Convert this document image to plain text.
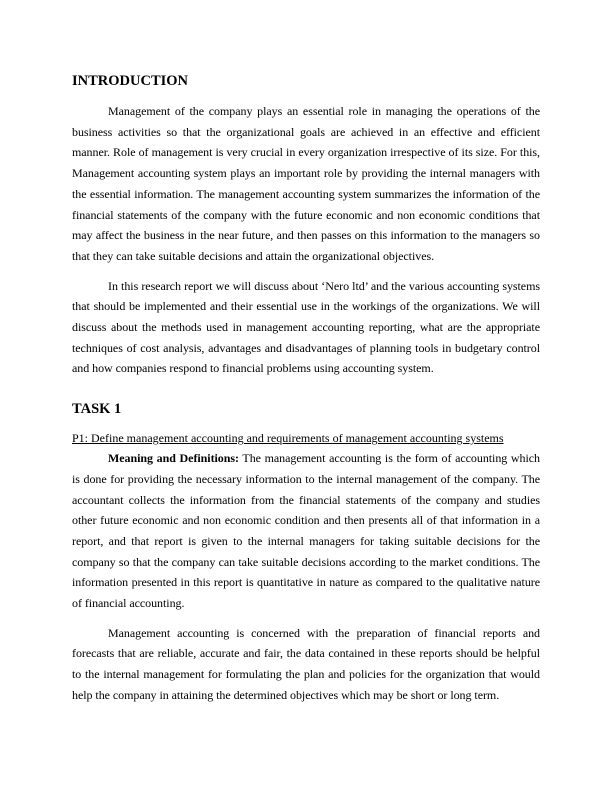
INTRODUCTION

Management of the company plays an essential role in managing the operations of the business activities so that the organizational goals are achieved in an effective and efficient manner. Role of management is very crucial in every organization irrespective of its size. For this, Management accounting system plays an important role by providing the internal managers with the essential information. The management accounting system summarizes the information of the financial statements of the company with the future economic and non economic conditions that may affect the business in the near future, and then passes on this information to the managers so that they can take suitable decisions and attain the organizational objectives.

In this research report we will discuss about ‘Nero ltd’ and the various accounting systems that should be implemented and their essential use in the workings of the organizations. We will discuss about the methods used in management accounting reporting, what are the appropriate techniques of cost analysis, advantages and disadvantages of planning tools in budgetary control and how companies respond to financial problems using accounting system.

TASK 1
P1: Define management accounting and requirements of management accounting systems

Meaning and Definitions: The management accounting is the form of accounting which is done for providing the necessary information to the internal management of the company. The accountant collects the information from the financial statements of the company and studies other future economic and non economic condition and then presents all of that information in a report, and that report is given to the internal managers for taking suitable decisions for the company so that the company can take suitable decisions according to the market conditions. The information presented in this report is quantitative in nature as compared to the qualitative nature of financial accounting.

Management accounting is concerned with the preparation of financial reports and forecasts that are reliable, accurate and fair, the data contained in these reports should be helpful to the internal management for formulating the plan and policies for the organization that would help the company in attaining the determined objectives which may be short or long term.
